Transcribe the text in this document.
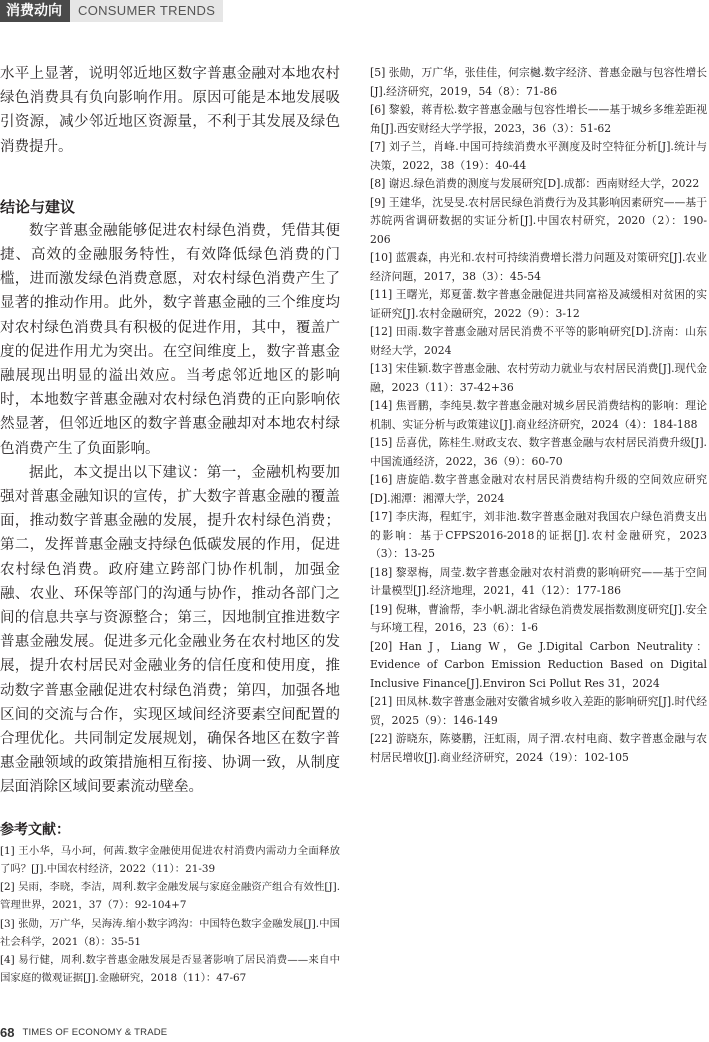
消费动向	CONSUMER TRENDS

水平上显著，说明邻近地区数字普惠金融对本地农村绿色消费具有负向影响作用。原因可能是本地发展吸引资源，减少邻近地区资源量，不利于其发展及绿色消费提升。

结论与建议

数字普惠金融能够促进农村绿色消费，凭借其便捷、高效的金融服务特性，有效降低绿色消费的门槛，进而激发绿色消费意愿，对农村绿色消费产生了显著的推动作用。此外，数字普惠金融的三个维度均对农村绿色消费具有积极的促进作用，其中，覆盖广度的促进作用尤为突出。在空间维度上，数字普惠金融展现出明显的溢出效应。当考虑邻近地区的影响时，本地数字普惠金融对农村绿色消费的正向影响依然显著，但邻近地区的数字普惠金融却对本地农村绿色消费产生了负面影响。

据此，本文提出以下建议：第一，金融机构要加强对普惠金融知识的宣传，扩大数字普惠金融的覆盖面，推动数字普惠金融的发展，提升农村绿色消费；第二，发挥普惠金融支持绿色低碳发展的作用，促进农村绿色消费。政府建立跨部门协作机制，加强金融、农业、环保等部门的沟通与协作，推动各部门之间的信息共享与资源整合；第三，因地制宜推进数字普惠金融发展。促进多元化金融业务在农村地区的发展，提升农村居民对金融业务的信任度和使用度，推动数字普惠金融促进农村绿色消费；第四，加强各地区间的交流与合作，实现区域间经济要素空间配置的合理优化。共同制定发展规划，确保各地区在数字普惠金融领域的政策措施相互衔接、协调一致，从制度层面消除区域间要素流动壁垒。

参考文献：

[1] 王小华，马小珂，何茜.数字金融使用促进农村消费内需动力全面释放了吗？[J].中国农村经济，2022（11）：21-39

[2] 吴雨，李晓，李洁，周利.数字金融发展与家庭金融资产组合有效性[J].管理世界，2021，37（7）：92-104+7

[3] 张勋，万广华，吴海涛.缩小数字鸿沟：中国特色数字金融发展[J].中国社会科学，2021（8）：35-51

[4] 易行健，周利.数字普惠金融发展是否显著影响了居民消费——来自中国家庭的微观证据[J].金融研究，2018（11）：47-67

[5] 张勋，万广华，张佳佳，何宗樾.数字经济、普惠金融与包容性增长[J].经济研究，2019，54（8）：71-86

[6] 黎毅，蒋青松.数字普惠金融与包容性增长——基于城乡多维差距视角[J].西安财经大学学报，2023，36（3）：51-62

[7] 刘子兰，肖峰.中国可持续消费水平测度及时空特征分析[J].统计与决策，2022，38（19）：40-44

[8] 谢迟.绿色消费的测度与发展研究[D].成都：西南财经大学，2022

[9] 王建华，沈旻旻.农村居民绿色消费行为及其影响因素研究——基于苏皖两省调研数据的实证分析[J].中国农村研究，2020（2）：190-206

[10] 蓝震森，冉光和.农村可持续消费增长潜力问题及对策研究[J].农业经济问题，2017，38（3）：45-54

[11] 王曙光，郑夏蕾.数字普惠金融促进共同富裕及减缓相对贫困的实证研究[J].农村金融研究，2022（9）：3-12

[12] 田雨.数字普惠金融对居民消费不平等的影响研究[D].济南：山东财经大学，2024

[13] 宋佳颖.数字普惠金融、农村劳动力就业与农村居民消费[J].现代金融，2023（11）：37-42+36

[14] 焦晋鹏，李纯昊.数字普惠金融对城乡居民消费结构的影响：理论机制、实证分析与政策建议[J].商业经济研究，2024（4）：184-188

[15] 岳喜优，陈桂生.财政支农、数字普惠金融与农村居民消费升级[J].中国流通经济，2022，36（9）：60-70

[16] 唐旋皓.数字普惠金融对农村居民消费结构升级的空间效应研究[D].湘潭：湘潭大学，2024

[17] 李庆海，程虹宇，刘非池.数字普惠金融对我国农户绿色消费支出的影响：基于CFPS2016-2018的证据[J].农村金融研究，2023（3）：13-25

[18] 黎翠梅，周莹.数字普惠金融对农村消费的影响研究——基于空间计量模型[J].经济地理，2021，41（12）：177-186

[19] 倪琳，曹渝帮，李小帆.湖北省绿色消费发展指数测度研究[J].安全与环境工程，2016，23（6）：1-6

[20] Han J，Liang W，Ge J.Digital Carbon Neutrality：Evidence of Carbon Emission Reduction Based on Digital Inclusive Finance[J].Environ Sci Pollut Res 31，2024

[21] 田凤林.数字普惠金融对安徽省城乡收入差距的影响研究[J].时代经贸，2025（9）：146-149

[22] 游晓东，陈婆鹏，汪虹雨，周子渭.农村电商、数字普惠金融与农村居民增收[J].商业经济研究，2024（19）：102-105

68 TIMES OF ECONOMY & TRADE
